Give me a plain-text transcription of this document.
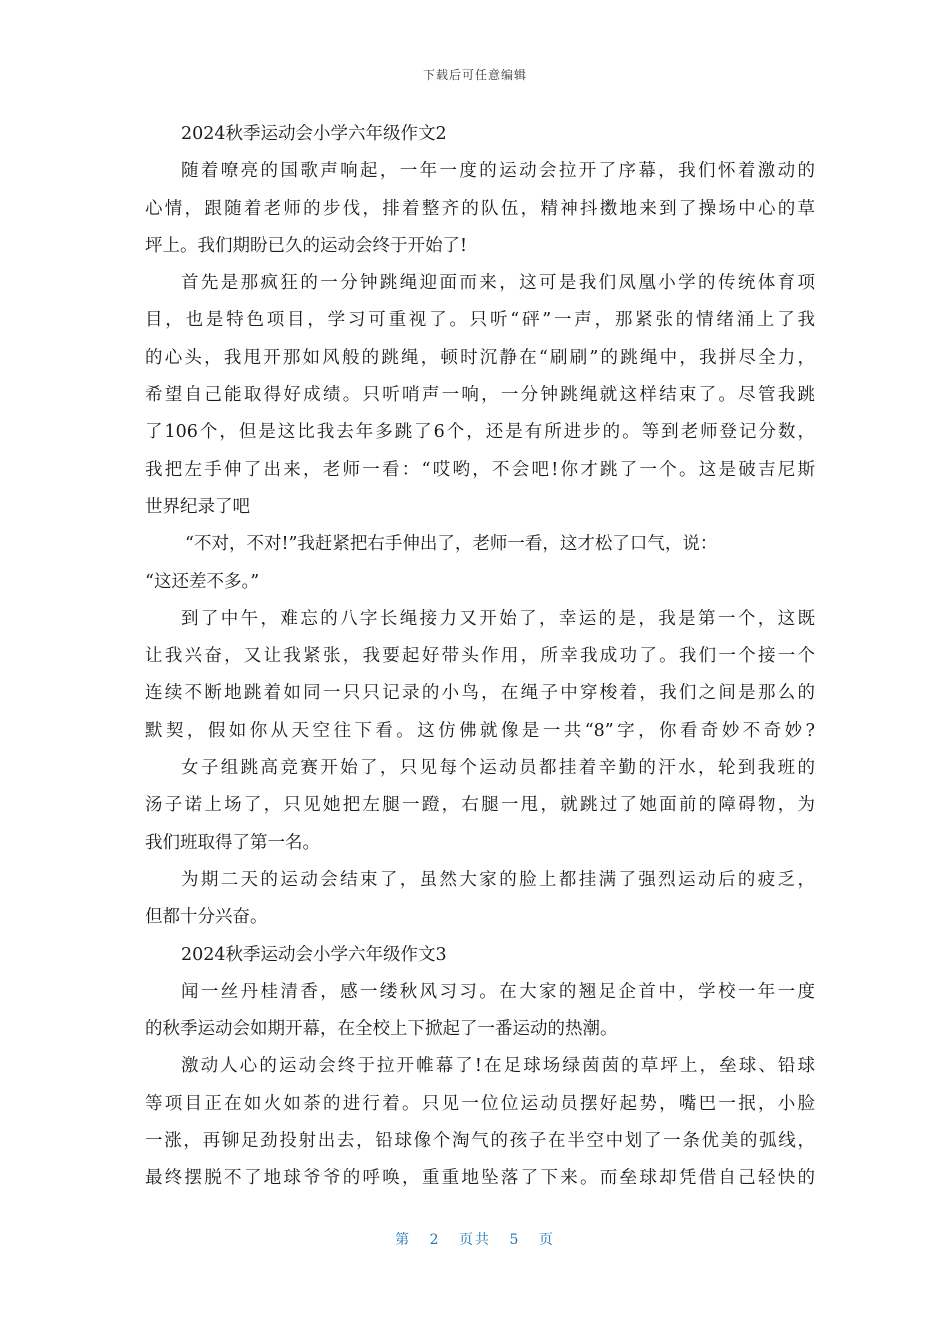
下载后可任意编辑
2024秋季运动会小学六年级作文2
随着嘹亮的国歌声响起，一年一度的运动会拉开了序幕，我们怀着激动的
心情，跟随着老师的步伐，排着整齐的队伍，精神抖擞地来到了操场中心的草
坪上。我们期盼已久的运动会终于开始了!
首先是那疯狂的一分钟跳绳迎面而来，这可是我们凤凰小学的传统体育项
目，也是特色项目，学习可重视了。只听“砰”一声，那紧张的情绪涌上了我
的心头，我甩开那如风般的跳绳，顿时沉静在“刷刷”的跳绳中，我拼尽全力，
希望自己能取得好成绩。只听哨声一响，一分钟跳绳就这样结束了。尽管我跳
了106个，但是这比我去年多跳了6个，还是有所进步的。等到老师登记分数，
我把左手伸了出来，老师一看：“哎哟，不会吧!你才跳了一个。这是破吉尼斯
世界纪录了吧
“不对，不对!”我赶紧把右手伸出了，老师一看，这才松了口气，说：
“这还差不多。”
到了中午，难忘的八字长绳接力又开始了，幸运的是，我是第一个，这既
让我兴奋，又让我紧张，我要起好带头作用，所幸我成功了。我们一个接一个
连续不断地跳着如同一只只记录的小鸟，在绳子中穿梭着，我们之间是那么的
默契，假如你从天空往下看。这仿佛就像是一共“8”字，你看奇妙不奇妙?
女子组跳高竞赛开始了，只见每个运动员都挂着辛勤的汗水，轮到我班的
汤子诺上场了，只见她把左腿一蹬，右腿一甩，就跳过了她面前的障碍物，为
我们班取得了第一名。
为期二天的运动会结束了，虽然大家的脸上都挂满了强烈运动后的疲乏，
但都十分兴奋。
2024秋季运动会小学六年级作文3
闻一丝丹桂清香，感一缕秋风习习。在大家的翘足企首中，学校一年一度
的秋季运动会如期开幕，在全校上下掀起了一番运动的热潮。
激动人心的运动会终于拉开帷幕了!在足球场绿茵茵的草坪上，垒球、铅球
等项目正在如火如荼的进行着。只见一位位运动员摆好起势，嘴巴一抿，小脸
一涨，再铆足劲投射出去，铅球像个淘气的孩子在半空中划了一条优美的弧线，
最终摆脱不了地球爷爷的呼唤，重重地坠落了下来。而垒球却凭借自己轻快的
第 2 页共 5 页
